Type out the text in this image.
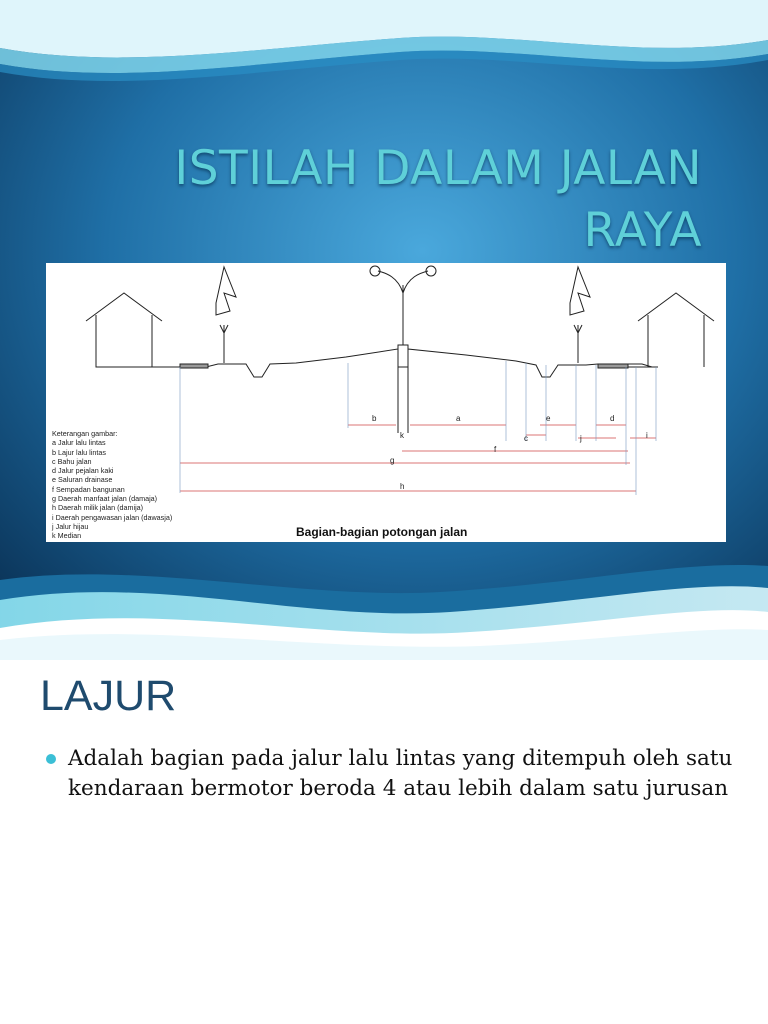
ISTILAH DALAM JALAN
RAYA
b	a	e	d
k	c	j	i
f
g
h
Keterangan gambar:
a Jalur lalu lintas
b Lajur lalu lintas
c Bahu jalan
d Jalur pejalan kaki
e Saluran drainase
f Sempadan bangunan
g Daerah manfaat jalan (damaja)
h Daerah milik jalan (damija)
i Daerah pengawasan jalan (dawasja)
j Jalur hijau
k Median	Bagian-bagian potongan jalan
LAJUR
Adalah bagian pada jalur lalu lintas yang ditempuh oleh satu kendaraan bermotor beroda 4 atau lebih dalam satu jurusan
